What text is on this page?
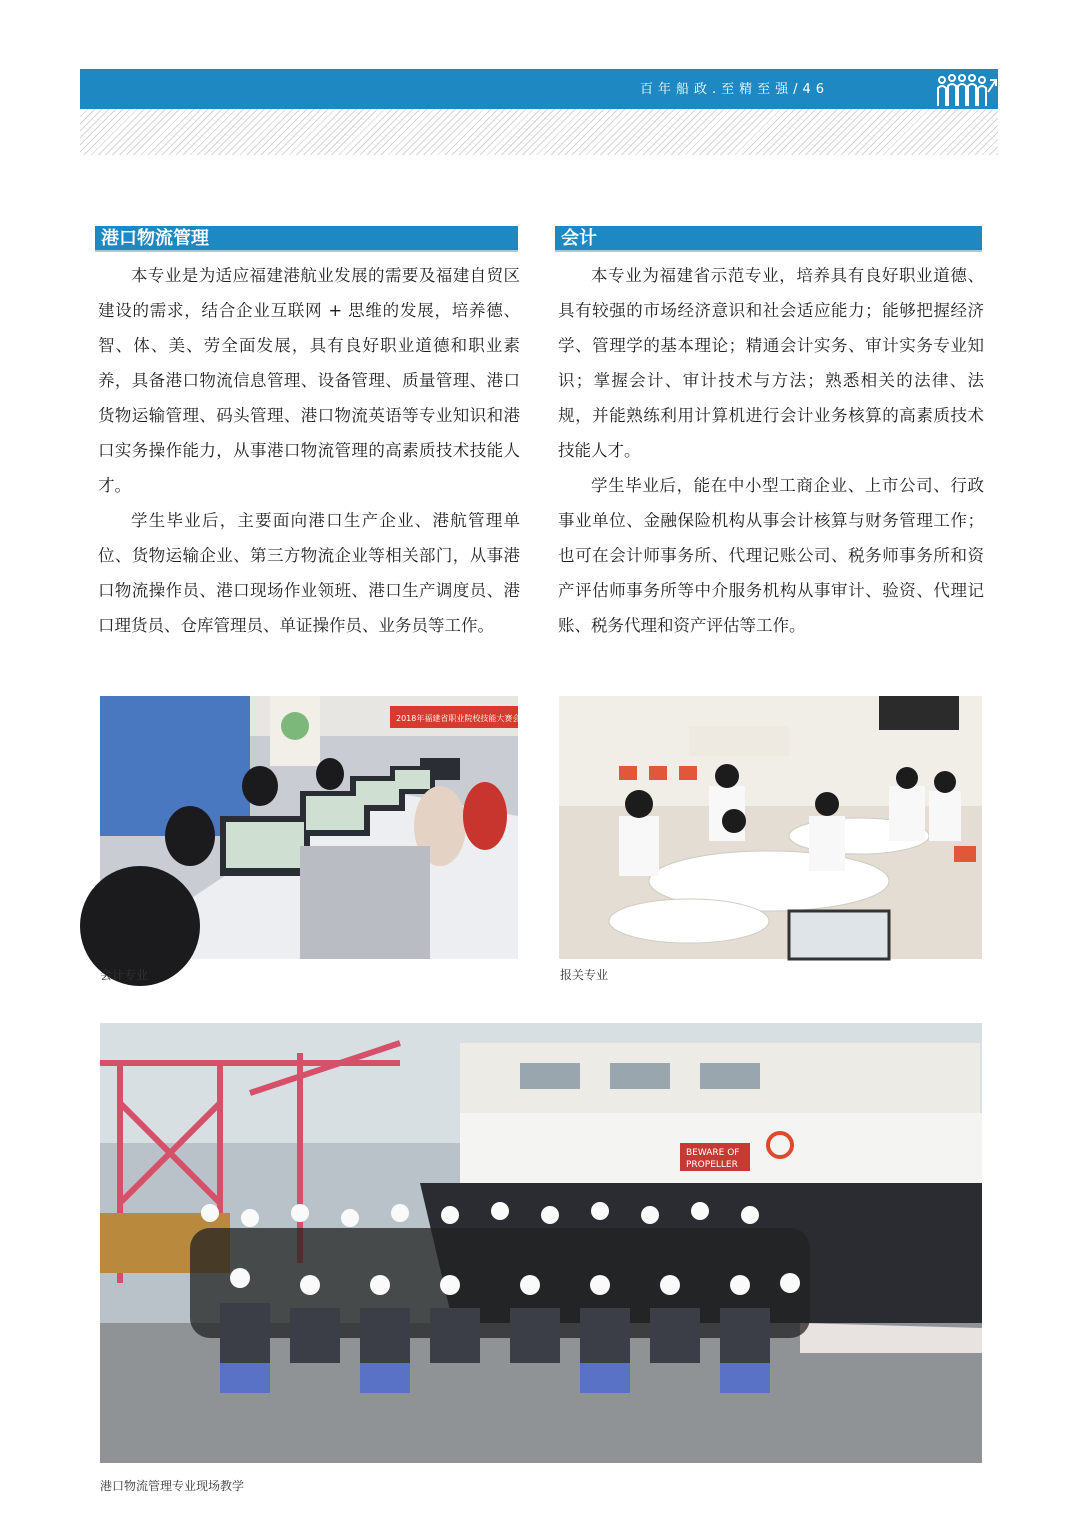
百年船政.至精至强/46
港口物流管理	会计

本专业是为适应福建港航业发展的需要及福建自贸区建设的需求，结合企业互联网 + 思维的发展，培养德、智、体、美、劳全面发展，具有良好职业道德和职业素养，具备港口物流信息管理、设备管理、质量管理、港口货物运输管理、码头管理、港口物流英语等专业知识和港口实务操作能力，从事港口物流管理的高素质技术技能人才。

学生毕业后，主要面向港口生产企业、港航管理单位、货物运输企业、第三方物流企业等相关部门，从事港口物流操作员、港口现场作业领班、港口生产调度员、港口理货员、仓库管理员、单证操作员、业务员等工作。

本专业为福建省示范专业，培养具有良好职业道德、具有较强的市场经济意识和社会适应能力；能够把握经济学、管理学的基本理论；精通会计实务、审计实务专业知识；掌握会计、审计技术与方法；熟悉相关的法律、法规，并能熟练利用计算机进行会计业务核算的高素质技术技能人才。

学生毕业后，能在中小型工商企业、上市公司、行政事业单位、金融保险机构从事会计核算与财务管理工作；也可在会计师事务所、代理记账公司、税务师事务所和资产评估师事务所等中介服务机构从事审计、验资、代理记账、税务代理和资产评估等工作。

2018年福建省职业院校技能大赛会计技能
BEWARE OF
PROPELLER
会计专业	报关专业
港口物流管理专业现场教学
